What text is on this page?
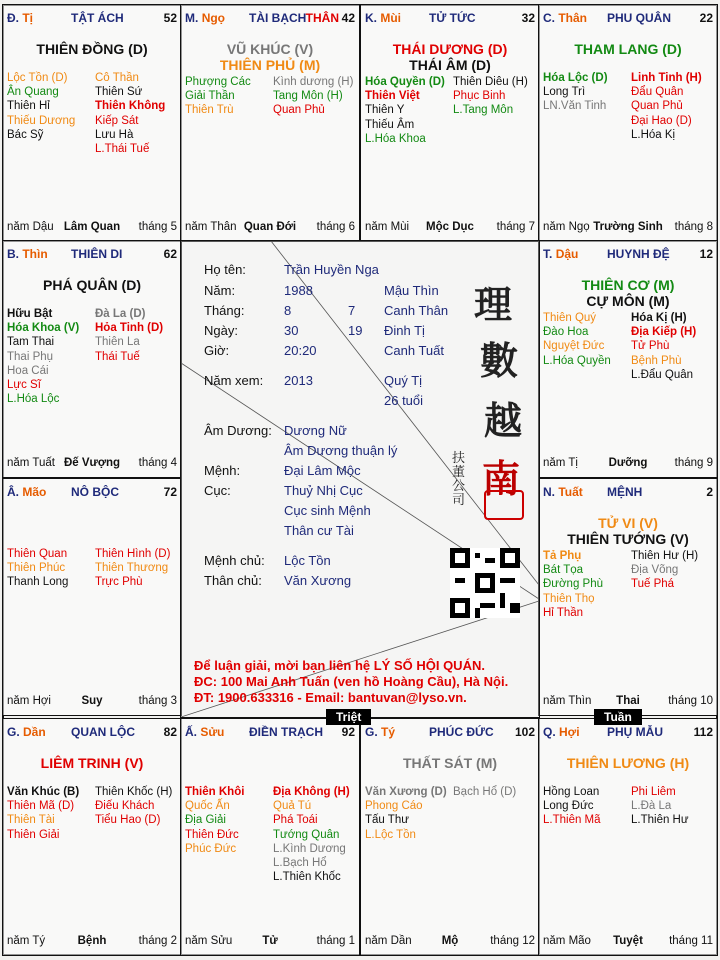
Đ. Tị	TẬT ÁCH	52
THIÊN ĐỒNG (D)
Lộc Tồn (D)
Ân Quang
Thiên Hỉ
Thiếu Dương
Bác Sỹ
Cô Thần
Thiên Sứ
Thiên Không
Kiếp Sát
Lưu Hà
L.Thái Tuế
năm Dậu Lâm Quan	tháng 5
M. Ngọ TÀI BẠCH THÂN 42
VŨ KHÚC (V)
THIÊN PHỦ (M)
Phượng Các
Giải Thần
Thiên Trù
Kình dương (H)
Tang Môn (H)
Quan Phủ
năm Thân Quan Đới	tháng 6
K. Mùi TỬ TỨC	32
THÁI DƯƠNG (D)
THÁI ÂM (D)
Hóa Quyền (D)
Thiên Việt
Thiên Y
Thiếu Âm
L.Hóa Khoa
Thiên Diêu (H)
Phục Binh
L.Tang Môn
năm Mùi	Mộc Dục	tháng 7
C. Thân PHU QUÂN 22
THAM LANG (D)
Hóa Lộc (D)
Long Trì
LN.Văn Tinh
Linh Tinh (H)
Đẩu Quân
Quan Phủ
Đại Hao (D)
L.Hóa Kị
năm Ngọ Trường Sinh	tháng 8
B. Thìn THIÊN DI	62
PHÁ QUÂN (D)
Hữu Bật
Hóa Khoa (V)
Tam Thai
Thai Phụ
Hoa Cái
Lực Sĩ
L.Hóa Lộc
Đà La (D)
Hỏa Tinh (D)
Thiên La
Thái Tuế
năm Tuất Đế Vượng	tháng 4
T. Dậu HUYNH ĐỆ 12
THIÊN CƠ (M)
CỰ MÔN (M)
Thiên Quý
Đào Hoa
Nguyệt Đức
L.Hóa Quyền
Hóa Kị (H)
Địa Kiếp (H)
Tử Phù
Bệnh Phù
L.Đẩu Quân
năm Tị	Dưỡng	tháng 9
Â. Mão NÔ BỘC	72
Thiên Quan
Thiên Phúc
Thanh Long
Thiên Hình (D)
Thiên Thương
Trực Phù
năm Hợi	Suy	tháng 3
N. Tuất MỆNH	2
TỬ VI (V)
THIÊN TƯỚNG (V)
Tả Phụ
Bát Tọa
Đường Phù
Thiên Thọ
Hỉ Thần
Thiên Hư (H)
Địa Võng
Tuế Phá
năm Thìn	Thai	tháng 10
G. Dần QUAN LỘC 82
LIÊM TRINH (V)
Văn Khúc (B)
Thiên Mã (D)
Thiên Tài
Thiên Giải
Thiên Khốc (H)
Điếu Khách
Tiểu Hao (D)
năm Tý	Bệnh	tháng 2
Ấ. Sửu ĐIỀN TRẠCH 92
Thiên Khôi
Quốc Ấn
Địa Giải
Thiên Đức
Phúc Đức
Địa Không (H)
Quả Tú
Phá Toái
Tướng Quân
L.Kình Dương
L.Bạch Hổ
L.Thiên Khốc
năm Sửu	Tử	tháng 1
G. Tý	PHÚC ĐỨC 102
THẤT SÁT (M)
Văn Xương (D)
Phong Cáo
Tấu Thư
L.Lộc Tồn
Bạch Hổ (D)
năm Dần	Mộ	tháng 12
Q. Hợi PHỤ MẪU	112
THIÊN LƯƠNG (H)
Hồng Loan
Long Đức
L.Thiên Mã
Phi Liêm
L.Đà La
L.Thiên Hư
năm Mão	Tuyệt	tháng 11
Họ tên:	Trần Huyền Nga
Năm:	1988	Mậu Thìn
Tháng:	8	7 Canh Thân
Ngày:	30	19 Đinh Tị
Giờ:	20:20	Canh Tuất
Năm xem: 2013	Quý Tị
26 tuổi
Âm Dương: Dương Nữ
Âm Dương thuận lý
Mệnh:	Đại Lâm Mộc
Cục:	Thuỷ Nhị Cục
Cục sinh Mệnh
Thân cư Tài
Mệnh chủ: Lộc Tồn
Thân chủ: Văn Xương
理
數
越
南
扶董公司
Để luận giải, mời bạn liên hệ LÝ SỐ HỘI QUÁN.
ĐC: 100 Mai Anh Tuấn (ven hồ Hoàng Cầu), Hà Nội.
ĐT: 1900.633316 - Email: bantuvan@lyso.vn.
Triệt	Tuần
